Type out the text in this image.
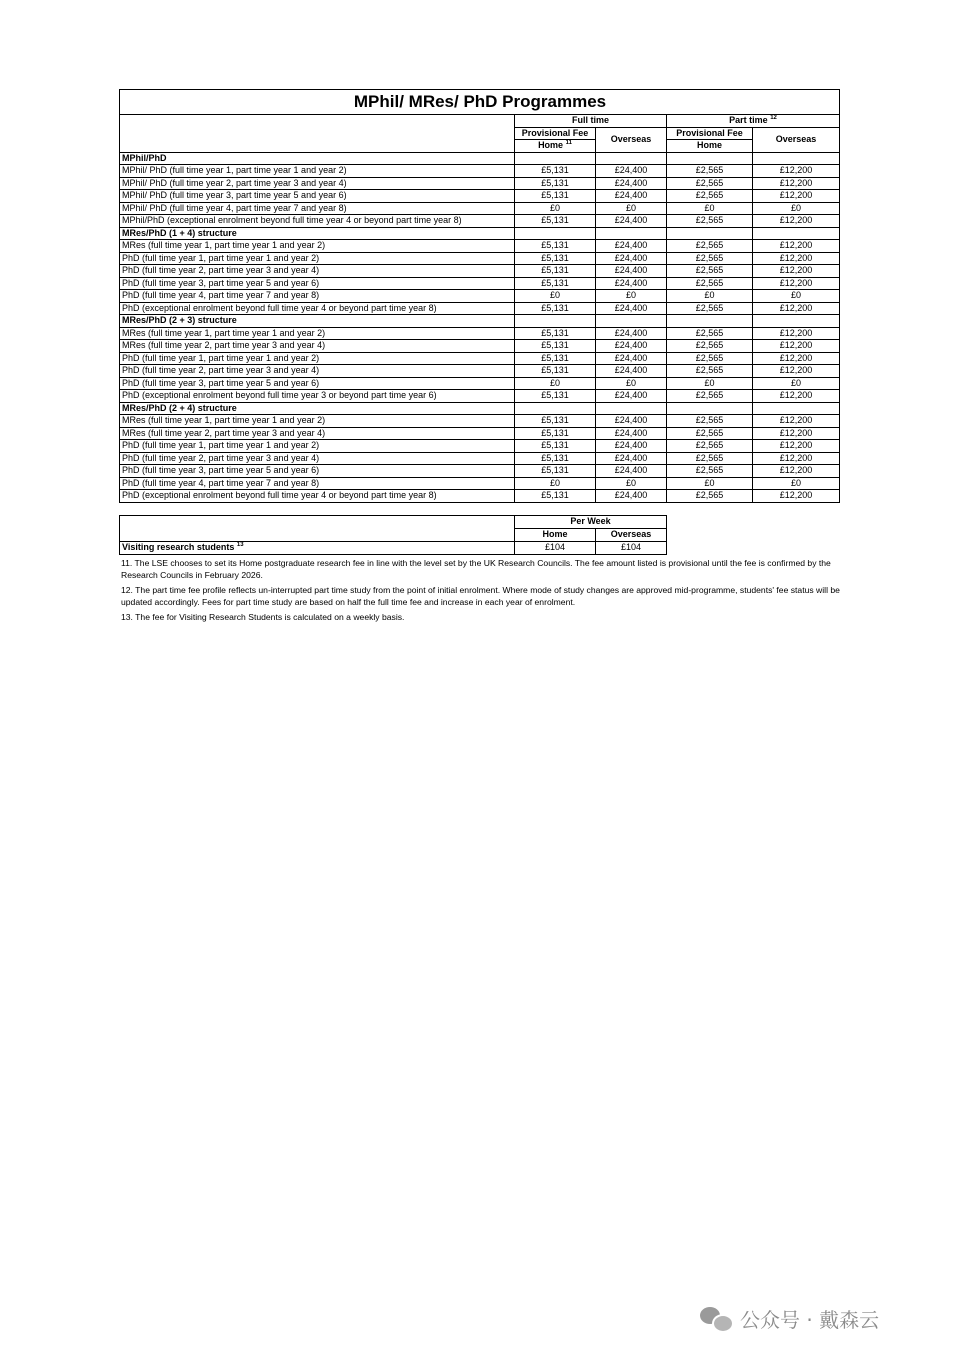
MPhil/ MRes/ PhD Programmes				
	Full time		Part time $^{12}$
	Provisional Fee	Overseas	Provisional Fee	Overseas
	Home $^{11}$		Home	
MPhil/PhD				
MPhil/ PhD (full time year 1, part time year 1 and year 2)	£5,131	£24,400	£2,565	£12,200
MPhil/ PhD (full time year 2, part time year 3 and year 4)	£5,131	£24,400	£2,565	£12,200
MPhil/ PhD (full time year 3, part time year 5 and year 6)	£5,131	£24,400	£2,565	£12,200
MPhil/ PhD (full time year 4, part time year 7 and year 8)	£0	£0	£0	£0
MPhil/PhD (exceptional enrolment beyond full time year 4 or beyond part time year 8)	£5,131	£24,400	£2,565	£12,200
MRes/PhD (1 + 4) structure				
MRes (full time year 1, part time year 1 and year 2)	£5,131	£24,400	£2,565	£12,200
PhD (full time year 1, part time year 1 and year 2)	£5,131	£24,400	£2,565	£12,200
PhD (full time year 2, part time year 3 and year 4)	£5,131	£24,400	£2,565	£12,200
PhD (full time year 3, part time year 5 and year 6)	£5,131	£24,400	£2,565	£12,200
PhD (full time year 4, part time year 7 and year 8)	£0	£0	£0	£0
PhD (exceptional enrolment beyond full time year 4 or beyond part time year 8)	£5,131	£24,400	£2,565	£12,200
MRes/PhD (2 + 3) structure				
MRes (full time year 1, part time year 1 and year 2)	£5,131	£24,400	£2,565	£12,200
MRes (full time year 2, part time year 3 and year 4)	£5,131	£24,400	£2,565	£12,200
PhD (full time year 1, part time year 1 and year 2)	£5,131	£24,400	£2,565	£12,200
PhD (full time year 2, part time year 3 and year 4)	£5,131	£24,400	£2,565	£12,200
PhD (full time year 3, part time year 5 and year 6)	£0	£0	£0	£0
PhD (exceptional enrolment beyond full time year 3 or beyond part time year 6)	£5,131	£24,400	£2,565	£12,200
MRes/PhD (2 + 4) structure				
MRes (full time year 1, part time year 1 and year 2)	£5,131	£24,400	£2,565	£12,200
MRes (full time year 2, part time year 3 and year 4)	£5,131	£24,400	£2,565	£12,200
PhD (full time year 1, part time year 1 and year 2)	£5,131	£24,400	£2,565	£12,200
PhD (full time year 2, part time year 3 and year 4)	£5,131	£24,400	£2,565	£12,200
PhD (full time year 3, part time year 5 and year 6)	£5,131	£24,400	£2,565	£12,200
PhD (full time year 4, part time year 7 and year 8)	£0	£0	£0	£0
PhD (exceptional enrolment beyond full time year 4 or beyond part time year 8)	£5,131	£24,400	£2,565	£12,200
	Per Week	
	Home	Overseas
Visiting research students $^{13}$	£104	£104

11. The LSE chooses to set its Home postgraduate research fee in line with the level set by the UK Research Councils. The fee amount listed is provisional until the fee is confirmed by the Research Councils in February 2026.

12. The part time fee profile reflects un-interrupted part time study from the point of initial enrolment. Where mode of study changes are approved mid-programme, students' fee status will be updated accordingly. Fees for part time study are based on half the full time fee and increase in each year of enrolment.

13. The fee for Visiting Research Students is calculated on a weekly basis.

公众号 · 戴森云
